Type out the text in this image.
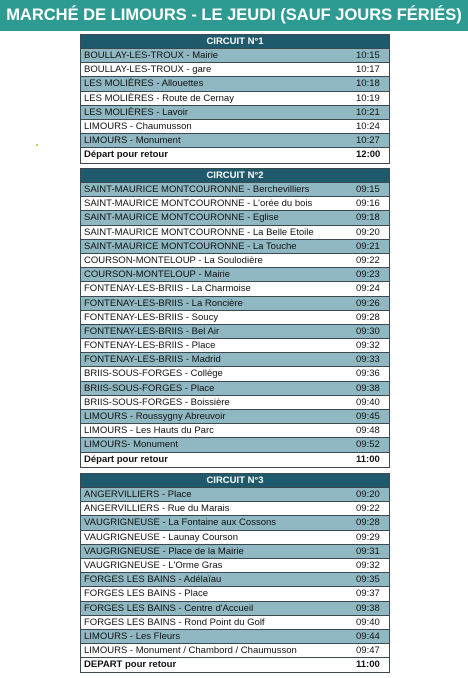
MARCHÉ DE LIMOURS - LE JEUDI (SAUF JOURS FÉRIÉS)
CIRCUIT N°1
BOULLAY-LES-TROUX - Mairie	10:15
BOULLAY-LES-TROUX - gare	10:17
LES MOLIÈRES - Allouettes	10:18
LES MOLIÈRES - Route de Cernay	10:19
LES MOLIÈRES - Lavoir	10:21
LIMOURS - Chaumusson	10:24
LIMOURS - Monument	10:27
Départ pour retour	12:00
CIRCUIT N°2
SAINT-MAURICE MONTCOURONNE - Berchevilliers	09:15
SAINT-MAURICE MONTCOURONNE - L'orée du bois	09:16
SAINT-MAURICE MONTCOURONNE - Eglise	09:18
SAINT-MAURICE MONTCOURONNE - La Belle Etoile	09:20
SAINT-MAURICE MONTCOURONNE - La Touche	09:21
COURSON-MONTELOUP - La Soulodière	09:22
COURSON-MONTELOUP - Mairie	09:23
FONTENAY-LES-BRIIS - La Charmoise	09:24
FONTENAY-LES-BRIIS - La Roncière	09:26
FONTENAY-LES-BRIIS - Soucy	09:28
FONTENAY-LES-BRIIS - Bel Air	09:30
FONTENAY-LES-BRIIS - Place	09:32
FONTENAY-LES-BRIIS - Madrid	09:33
BRIIS-SOUS-FORGES - Collège	09:36
BRIIS-SOUS-FORGES - Place	09:38
BRIIS-SOUS-FORGES - Boissière	09:40
LIMOURS - Roussygny Abreuvoir	09:45
LIMOURS - Les Hauts du Parc	09:48
LIMOURS- Monument	09:52
Départ pour retour	11:00
CIRCUIT N°3
ANGERVILLIERS - Place	09:20
ANGERVILLIERS - Rue du Marais	09:22
VAUGRIGNEUSE - La Fontaine aux Cossons	09:28
VAUGRIGNEUSE - Launay Courson	09:29
VAUGRIGNEUSE - Place de la Mairie	09:31
VAUGRIGNEUSE - L'Orme Gras	09:32
FORGES LES BAINS - Adélaïau	09:35
FORGES LES BAINS - Place	09:37
FORGES LES BAINS - Centre d'Accueil	09:38
FORGES LES BAINS - Rond Point du Golf	09:40
LIMOURS - Les Fleurs	09:44
LIMOURS - Monument / Chambord / Chaumusson	09:47
DEPART pour retour	11:00
